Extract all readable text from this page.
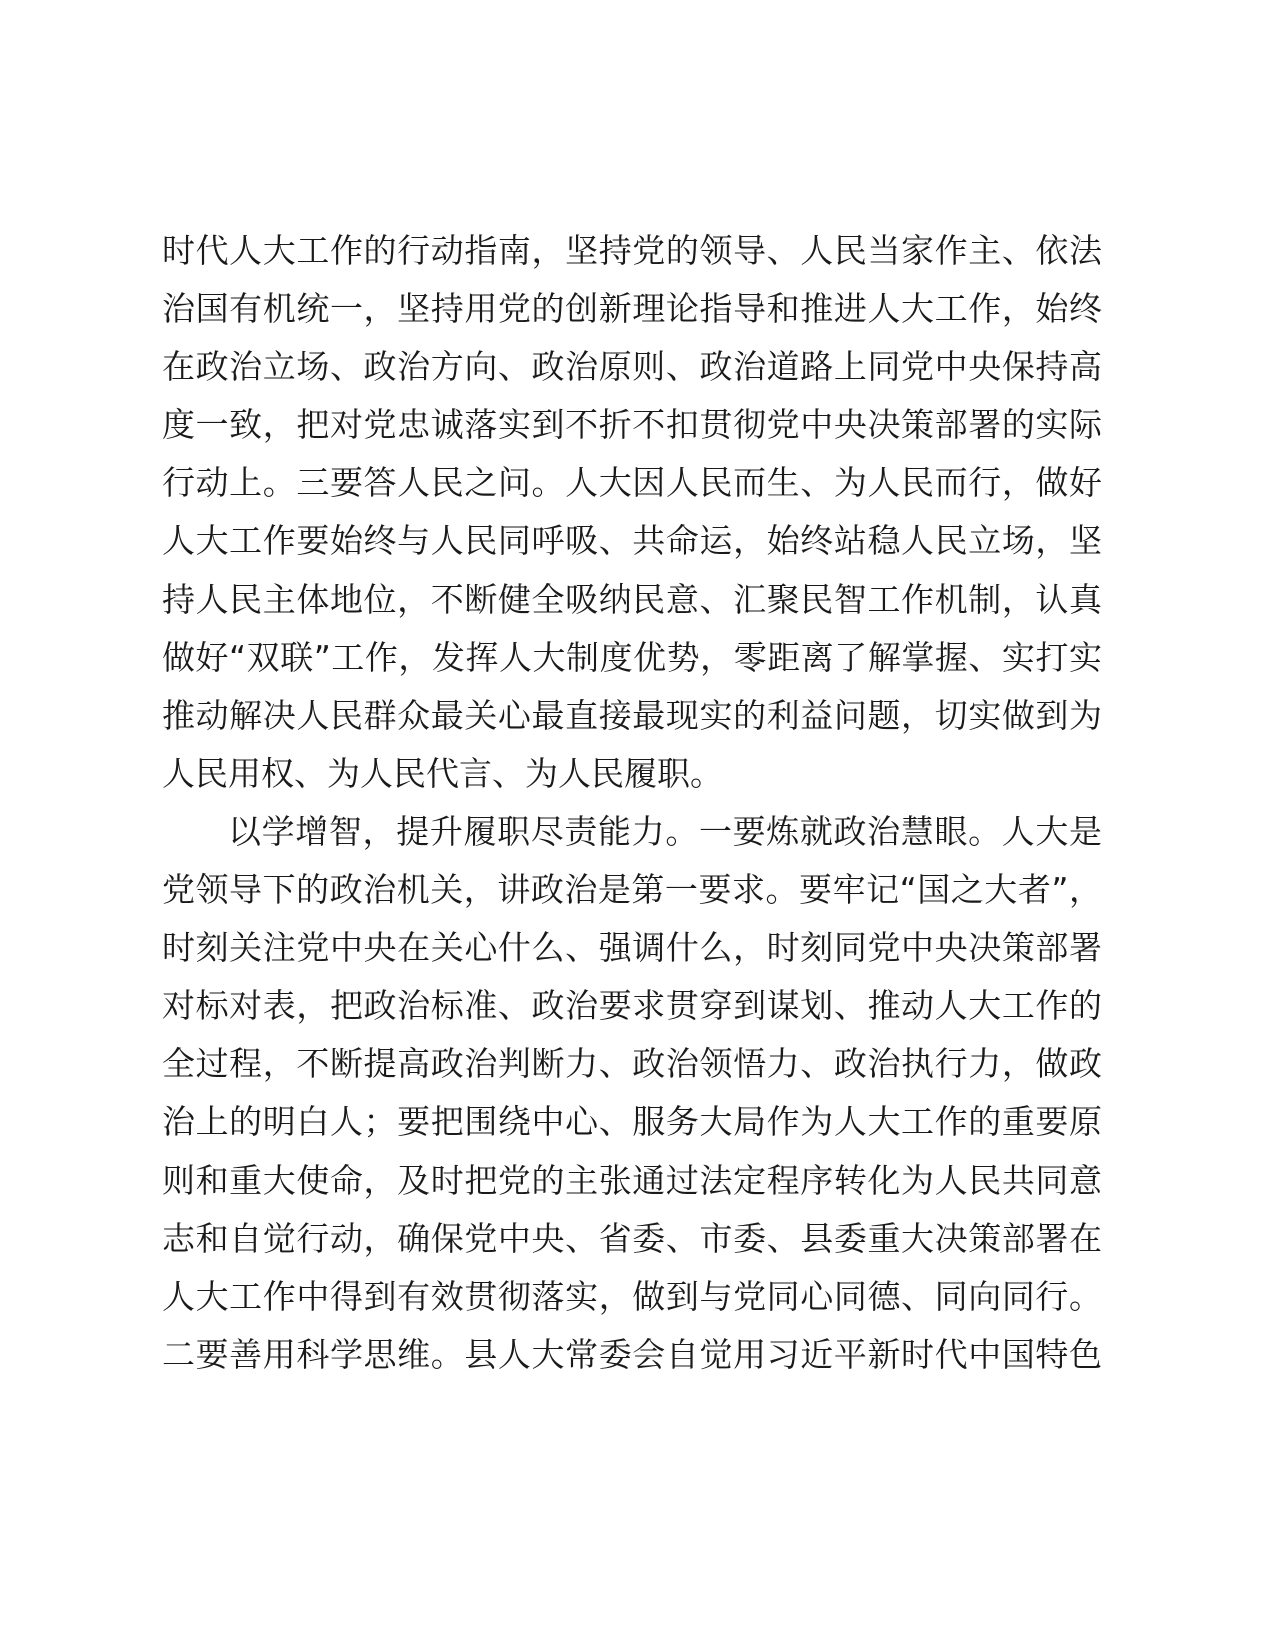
时代人大工作的行动指南，坚持党的领导、人民当家作主、依法
治国有机统一，坚持用党的创新理论指导和推进人大工作，始终
在政治立场、政治方向、政治原则、政治道路上同党中央保持高
度一致，把对党忠诚落实到不折不扣贯彻党中央决策部署的实际
行动上。三要答人民之问。人大因人民而生、为人民而行，做好
人大工作要始终与人民同呼吸、共命运，始终站稳人民立场，坚
持人民主体地位，不断健全吸纳民意、汇聚民智工作机制，认真
做好“双联”工作，发挥人大制度优势，零距离了解掌握、实打实
推动解决人民群众最关心最直接最现实的利益问题，切实做到为
人民用权、为人民代言、为人民履职。
以学增智，提升履职尽责能力。一要炼就政治慧眼。人大是
党领导下的政治机关，讲政治是第一要求。要牢记“国之大者”，
时刻关注党中央在关心什么、强调什么，时刻同党中央决策部署
对标对表，把政治标准、政治要求贯穿到谋划、推动人大工作的
全过程，不断提高政治判断力、政治领悟力、政治执行力，做政
治上的明白人；要把围绕中心、服务大局作为人大工作的重要原
则和重大使命，及时把党的主张通过法定程序转化为人民共同意
志和自觉行动，确保党中央、省委、市委、县委重大决策部署在
人大工作中得到有效贯彻落实，做到与党同心同德、同向同行。
二要善用科学思维。县人大常委会自觉用习近平新时代中国特色
